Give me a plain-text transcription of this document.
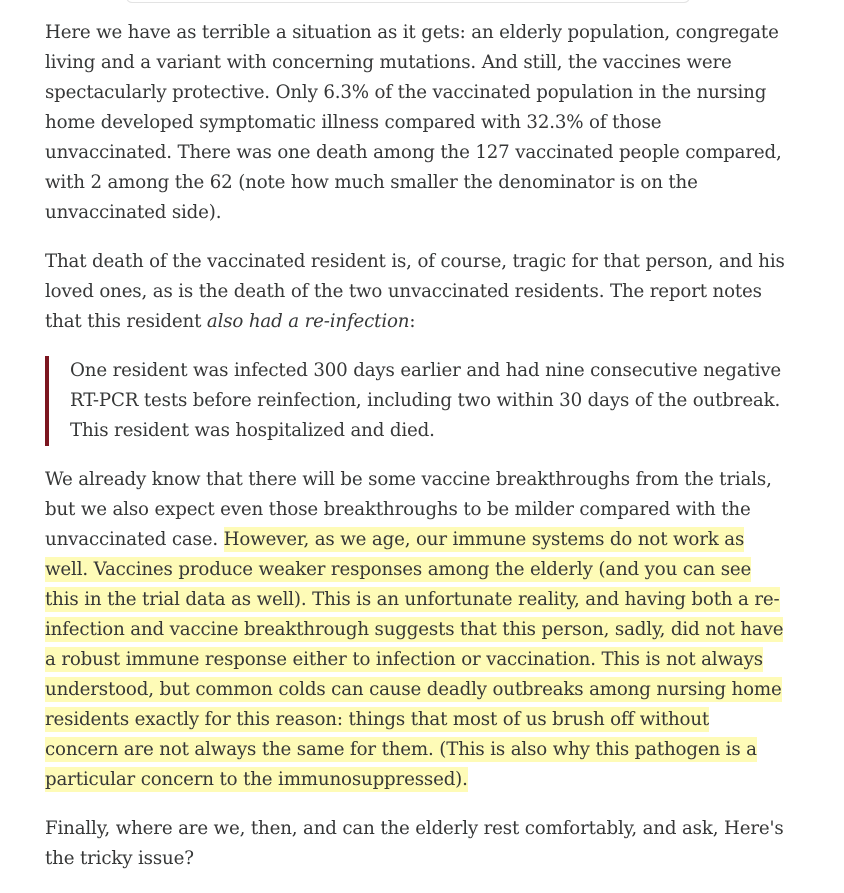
Here we have as terrible a situation as it gets: an elderly population, congregate living and a variant with concerning mutations. And still, the vaccines were spectacularly protective. Only 6.3% of the vaccinated population in the nursing home developed symptomatic illness compared with 32.3% of those unvaccinated. There was one death among the 127 vaccinated people compared, with 2 among the 62 (note how much smaller the denominator is on the unvaccinated side).

That death of the vaccinated resident is, of course, tragic for that person, and his loved ones, as is the death of the two unvaccinated residents. The report notes that this resident also had a re-infection:

One resident was infected 300 days earlier and had nine consecutive negative RT-PCR tests before reinfection, including two within 30 days of the outbreak. This resident was hospitalized and died.

We already know that there will be some vaccine breakthroughs from the trials, but we also expect even those breakthroughs to be milder compared with the unvaccinated case. However, as we age, our immune systems do not work as well. Vaccines produce weaker responses among the elderly (and you can see this in the trial data as well). This is an unfortunate reality, and having both a re-infection and vaccine breakthrough suggests that this person, sadly, did not have a robust immune response either to infection or vaccination. This is not always understood, but common colds can cause deadly outbreaks among nursing home residents exactly for this reason: things that most of us brush off without concern are not always the same for them. (This is also why this pathogen is a particular concern to the immunosuppressed).

Finally, where are we, then, and can the elderly rest comfortably, and ask, Here's the tricky issue?
